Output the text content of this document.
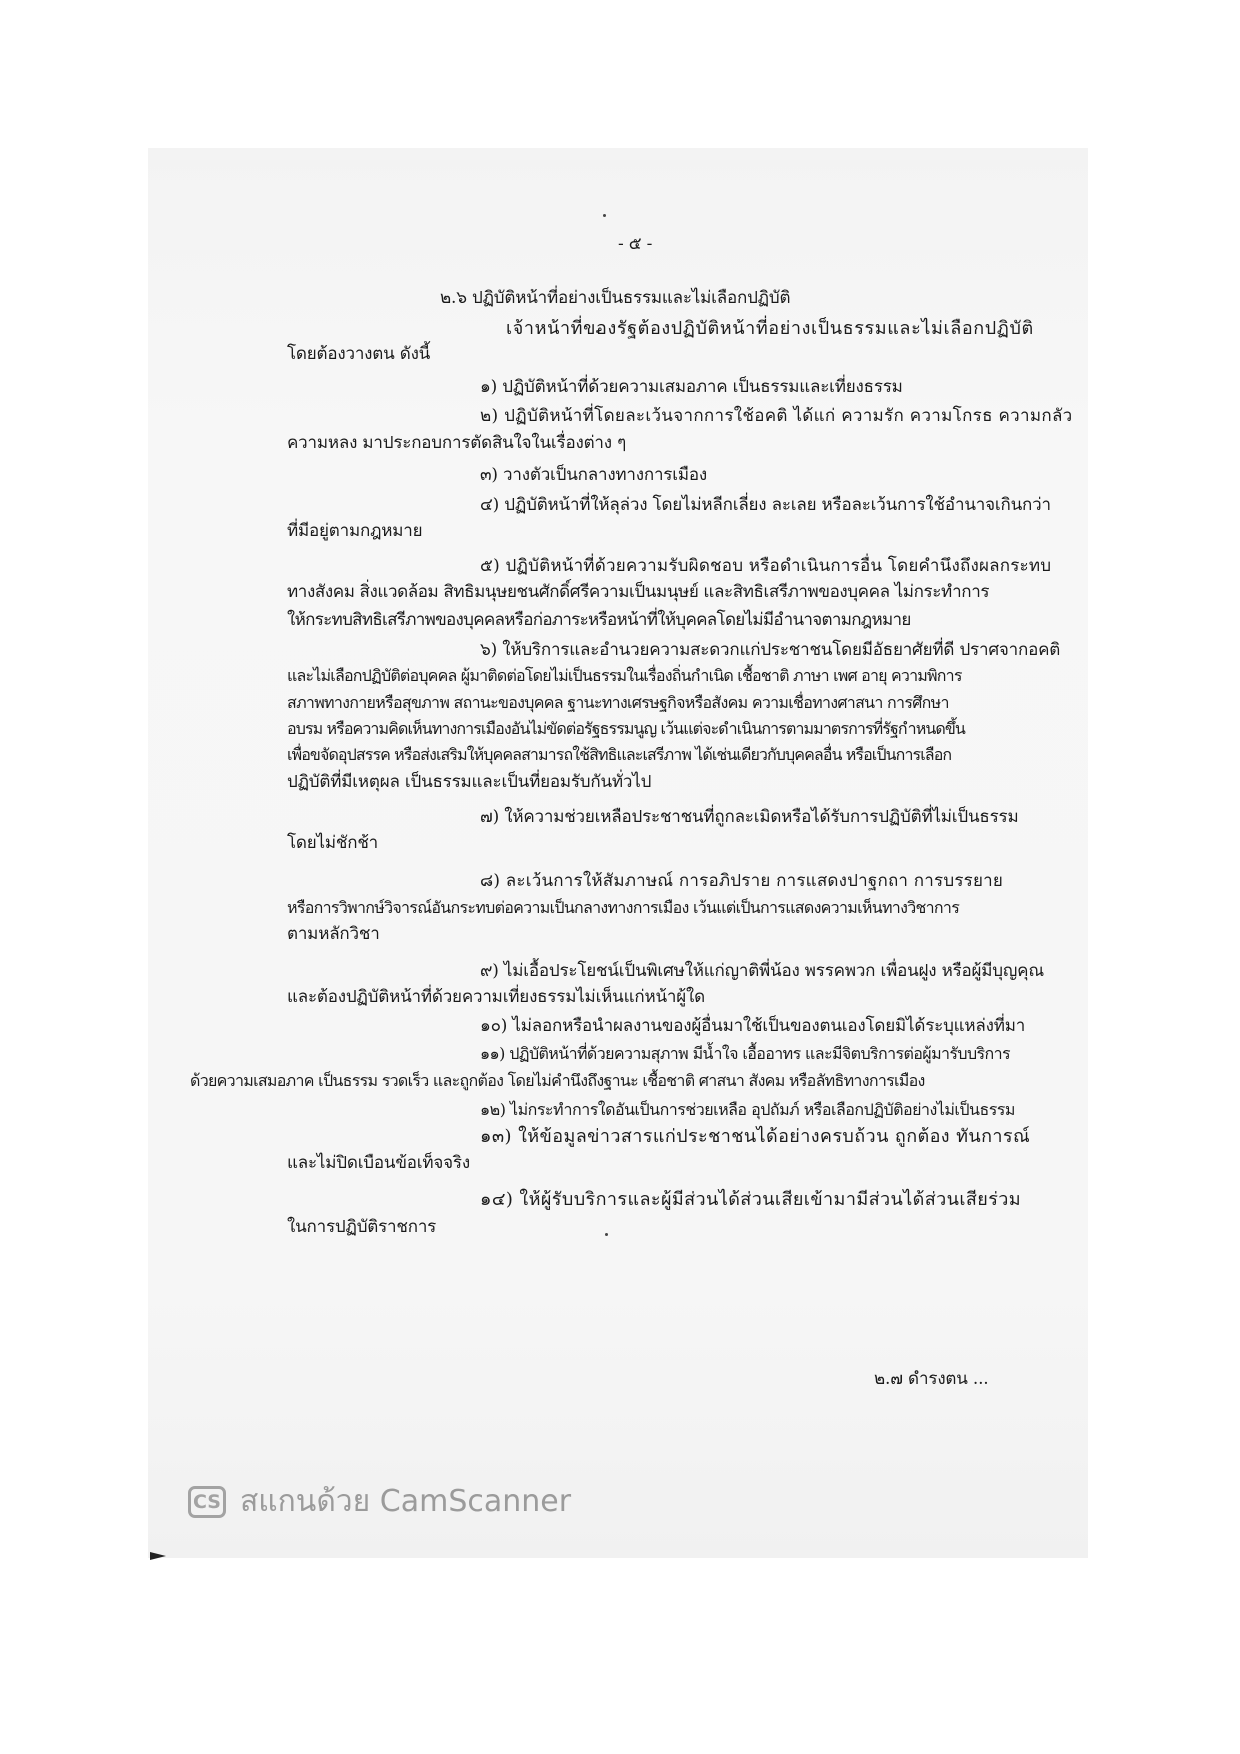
- ๕ -
๒.๖ ปฏิบัติหน้าที่อย่างเป็นธรรมและไม่เลือกปฏิบัติ
เจ้าหน้าที่ของรัฐต้องปฏิบัติหน้าที่อย่างเป็นธรรมและไม่เลือกปฏิบัติ
โดยต้องวางตน ดังนี้
๑) ปฏิบัติหน้าที่ด้วยความเสมอภาค เป็นธรรมและเที่ยงธรรม
๒) ปฏิบัติหน้าที่โดยละเว้นจากการใช้อคติ ได้แก่ ความรัก ความโกรธ ความกลัว
ความหลง มาประกอบการตัดสินใจในเรื่องต่าง ๆ
๓) วางตัวเป็นกลางทางการเมือง
๔) ปฏิบัติหน้าที่ให้ลุล่วง โดยไม่หลีกเลี่ยง ละเลย หรือละเว้นการใช้อำนาจเกินกว่า
ที่มีอยู่ตามกฎหมาย
๕) ปฏิบัติหน้าที่ด้วยความรับผิดชอบ หรือดำเนินการอื่น โดยคำนึงถึงผลกระทบ
ทางสังคม สิ่งแวดล้อม สิทธิมนุษยชนศักดิ์ศรีความเป็นมนุษย์ และสิทธิเสรีภาพของบุคคล ไม่กระทำการ
ให้กระทบสิทธิเสรีภาพของบุคคลหรือก่อภาระหรือหน้าที่ให้บุคคลโดยไม่มีอำนาจตามกฎหมาย
๖) ให้บริการและอำนวยความสะดวกแก่ประชาชนโดยมีอัธยาศัยที่ดี ปราศจากอคติ
และไม่เลือกปฏิบัติต่อบุคคล ผู้มาติดต่อโดยไม่เป็นธรรมในเรื่องถิ่นกำเนิด เชื้อชาติ ภาษา เพศ อายุ ความพิการ
สภาพทางกายหรือสุขภาพ สถานะของบุคคล ฐานะทางเศรษฐกิจหรือสังคม ความเชื่อทางศาสนา การศึกษา
อบรม หรือความคิดเห็นทางการเมืองอันไม่ขัดต่อรัฐธรรมนูญ เว้นแต่จะดำเนินการตามมาตรการที่รัฐกำหนดขึ้น
เพื่อขจัดอุปสรรค หรือส่งเสริมให้บุคคลสามารถใช้สิทธิและเสรีภาพ ได้เช่นเดียวกับบุคคลอื่น หรือเป็นการเลือก
ปฏิบัติที่มีเหตุผล เป็นธรรมและเป็นที่ยอมรับกันทั่วไป
๗) ให้ความช่วยเหลือประชาชนที่ถูกละเมิดหรือได้รับการปฏิบัติที่ไม่เป็นธรรม
โดยไม่ชักช้า
๘) ละเว้นการให้สัมภาษณ์ การอภิปราย การแสดงปาฐกถา การบรรยาย
หรือการวิพากษ์วิจารณ์อันกระทบต่อความเป็นกลางทางการเมือง เว้นแต่เป็นการแสดงความเห็นทางวิชาการ
ตามหลักวิชา
๙) ไม่เอื้อประโยชน์เป็นพิเศษให้แก่ญาติพี่น้อง พรรคพวก เพื่อนฝูง หรือผู้มีบุญคุณ
และต้องปฏิบัติหน้าที่ด้วยความเที่ยงธรรมไม่เห็นแก่หน้าผู้ใด
๑๐) ไม่ลอกหรือนำผลงานของผู้อื่นมาใช้เป็นของตนเองโดยมิได้ระบุแหล่งที่มา
๑๑) ปฏิบัติหน้าที่ด้วยความสุภาพ มีน้ำใจ เอื้ออาทร และมีจิตบริการต่อผู้มารับบริการ
ด้วยความเสมอภาค เป็นธรรม รวดเร็ว และถูกต้อง โดยไม่คำนึงถึงฐานะ เชื้อชาติ ศาสนา สังคม หรือลัทธิทางการเมือง
๑๒) ไม่กระทำการใดอันเป็นการช่วยเหลือ อุปถัมภ์ หรือเลือกปฏิบัติอย่างไม่เป็นธรรม
๑๓) ให้ข้อมูลข่าวสารแก่ประชาชนได้อย่างครบถ้วน ถูกต้อง ทันการณ์
และไม่ปิดเบือนข้อเท็จจริง
๑๔) ให้ผู้รับบริการและผู้มีส่วนได้ส่วนเสียเข้ามามีส่วนได้ส่วนเสียร่วม
ในการปฏิบัติราชการ
๒.๗ ดำรงตน ...
CS สแกนด้วย CamScanner
